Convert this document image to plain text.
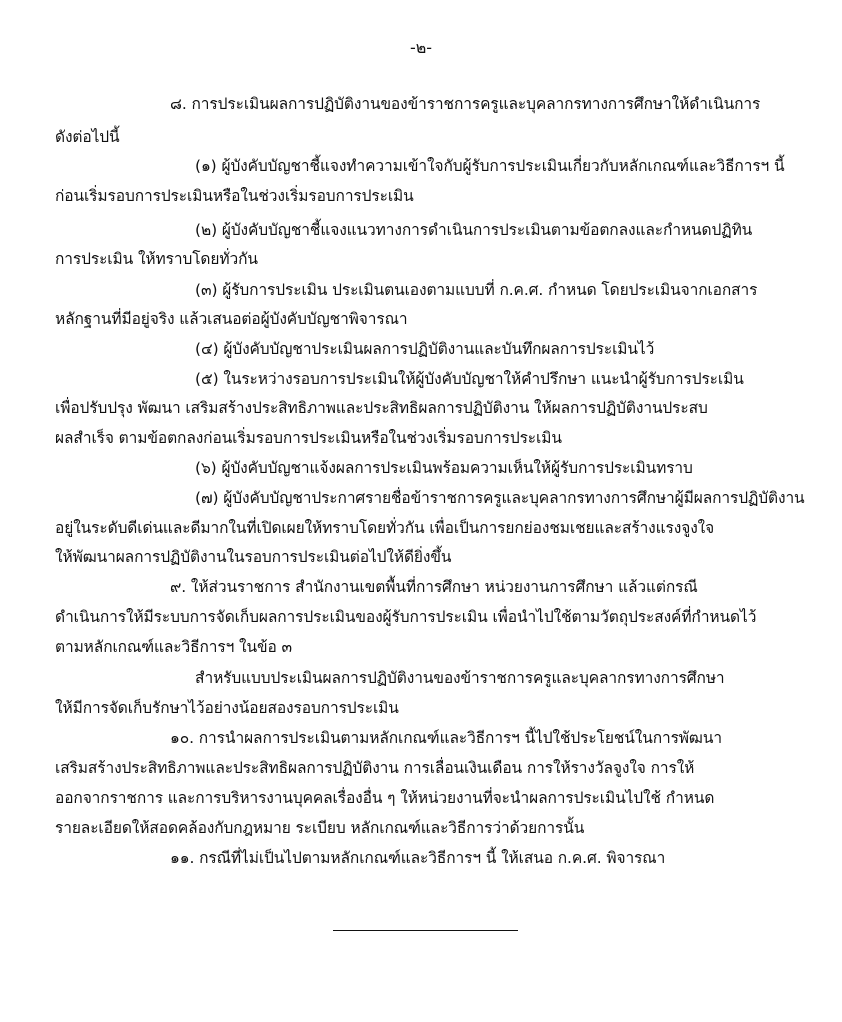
-๒-
๘. การประเมินผลการปฏิบัติงานของข้าราชการครูและบุคลากรทางการศึกษาให้ดำเนินการ
ดังต่อไปนี้
(๑) ผู้บังคับบัญชาชี้แจงทำความเข้าใจกับผู้รับการประเมินเกี่ยวกับหลักเกณฑ์และวิธีการฯ นี้
ก่อนเริ่มรอบการประเมินหรือในช่วงเริ่มรอบการประเมิน
(๒) ผู้บังคับบัญชาชี้แจงแนวทางการดำเนินการประเมินตามข้อตกลงและกำหนดปฏิทิน
การประเมิน ให้ทราบโดยทั่วกัน
(๓) ผู้รับการประเมิน ประเมินตนเองตามแบบที่ ก.ค.ศ. กำหนด โดยประเมินจากเอกสาร
หลักฐานที่มีอยู่จริง แล้วเสนอต่อผู้บังคับบัญชาพิจารณา
(๔) ผู้บังคับบัญชาประเมินผลการปฏิบัติงานและบันทึกผลการประเมินไว้
(๕) ในระหว่างรอบการประเมินให้ผู้บังคับบัญชาให้คำปรึกษา แนะนำผู้รับการประเมิน
เพื่อปรับปรุง พัฒนา เสริมสร้างประสิทธิภาพและประสิทธิผลการปฏิบัติงาน ให้ผลการปฏิบัติงานประสบ
ผลสำเร็จ ตามข้อตกลงก่อนเริ่มรอบการประเมินหรือในช่วงเริ่มรอบการประเมิน
(๖) ผู้บังคับบัญชาแจ้งผลการประเมินพร้อมความเห็นให้ผู้รับการประเมินทราบ
(๗) ผู้บังคับบัญชาประกาศรายชื่อข้าราชการครูและบุคลากรทางการศึกษาผู้มีผลการปฏิบัติงาน
อยู่ในระดับดีเด่นและดีมากในที่เปิดเผยให้ทราบโดยทั่วกัน เพื่อเป็นการยกย่องชมเชยและสร้างแรงจูงใจ
ให้พัฒนาผลการปฏิบัติงานในรอบการประเมินต่อไปให้ดียิ่งขึ้น
๙. ให้ส่วนราชการ สำนักงานเขตพื้นที่การศึกษา หน่วยงานการศึกษา แล้วแต่กรณี
ดำเนินการให้มีระบบการจัดเก็บผลการประเมินของผู้รับการประเมิน เพื่อนำไปใช้ตามวัตถุประสงค์ที่กำหนดไว้
ตามหลักเกณฑ์และวิธีการฯ ในข้อ ๓
สำหรับแบบประเมินผลการปฏิบัติงานของข้าราชการครูและบุคลากรทางการศึกษา
ให้มีการจัดเก็บรักษาไว้อย่างน้อยสองรอบการประเมิน
๑๐. การนำผลการประเมินตามหลักเกณฑ์และวิธีการฯ นี้ไปใช้ประโยชน์ในการพัฒนา
เสริมสร้างประสิทธิภาพและประสิทธิผลการปฏิบัติงาน การเลื่อนเงินเดือน การให้รางวัลจูงใจ การให้
ออกจากราชการ และการบริหารงานบุคคลเรื่องอื่น ๆ ให้หน่วยงานที่จะนำผลการประเมินไปใช้ กำหนด
รายละเอียดให้สอดคล้องกับกฎหมาย ระเบียบ หลักเกณฑ์และวิธีการว่าด้วยการนั้น
๑๑. กรณีที่ไม่เป็นไปตามหลักเกณฑ์และวิธีการฯ นี้ ให้เสนอ ก.ค.ศ. พิจารณา
